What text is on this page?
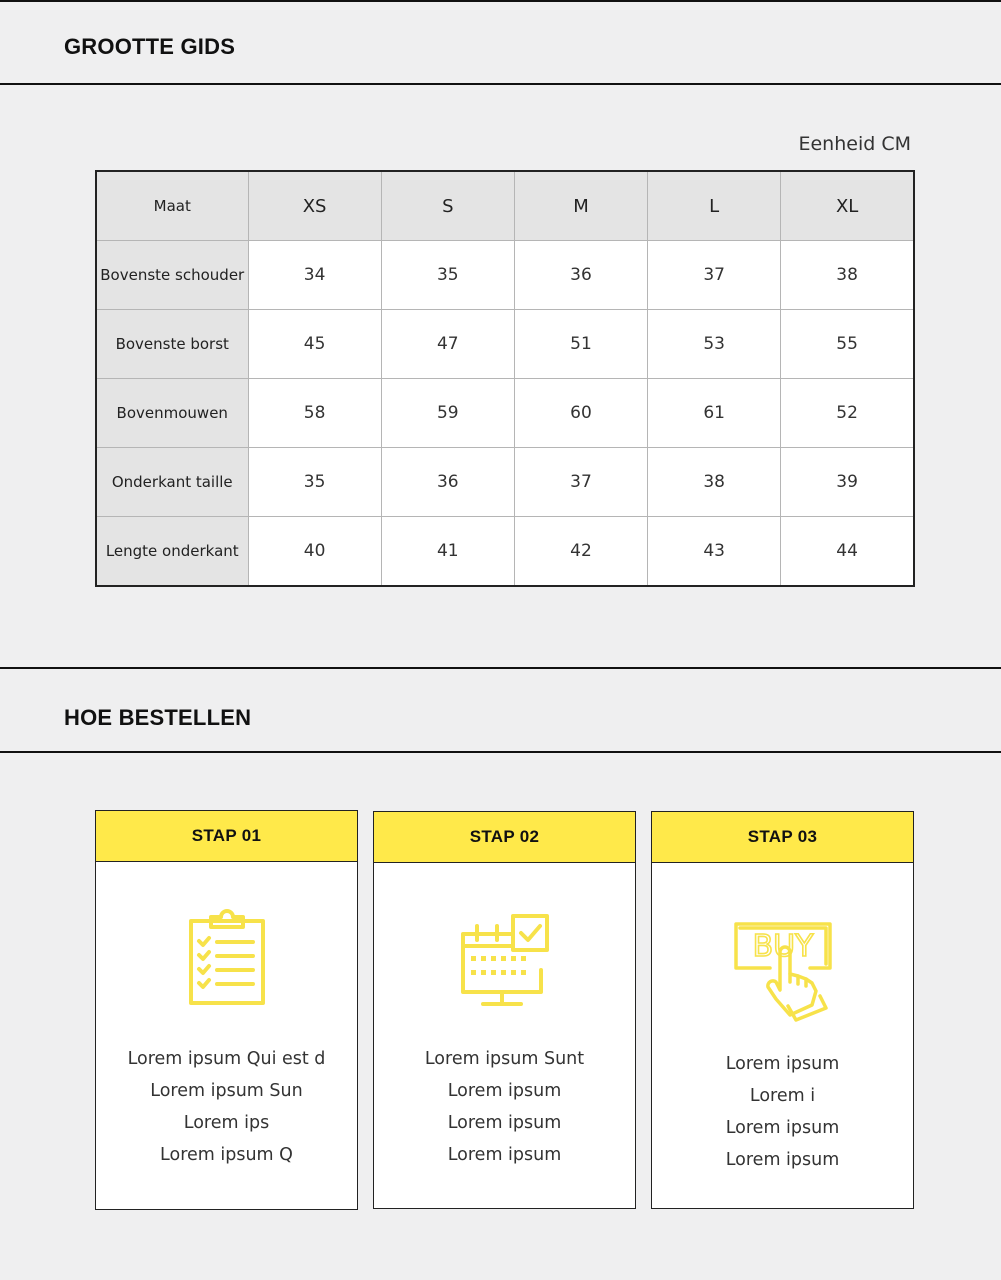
GROOTTE GIDS
Eenheid CM
Maat	XS	S	M	L	XL
Bovenste schouder	34	35	36	37	38
Bovenste borst	45	47	51	53	55
Bovenmouwen	58	59	60	61	52
Onderkant taille	35	36	37	38	39
Lengte onderkant	40	41	42	43	44
HOE BESTELLEN
STAP 01
Lorem ipsum Qui est d
Lorem ipsum Sun
Lorem ips
Lorem ipsum Q
STAP 02
Lorem ipsum Sunt
Lorem ipsum
Lorem ipsum
Lorem ipsum
STAP 03
BUY
Lorem ipsum
Lorem i
Lorem ipsum
Lorem ipsum
